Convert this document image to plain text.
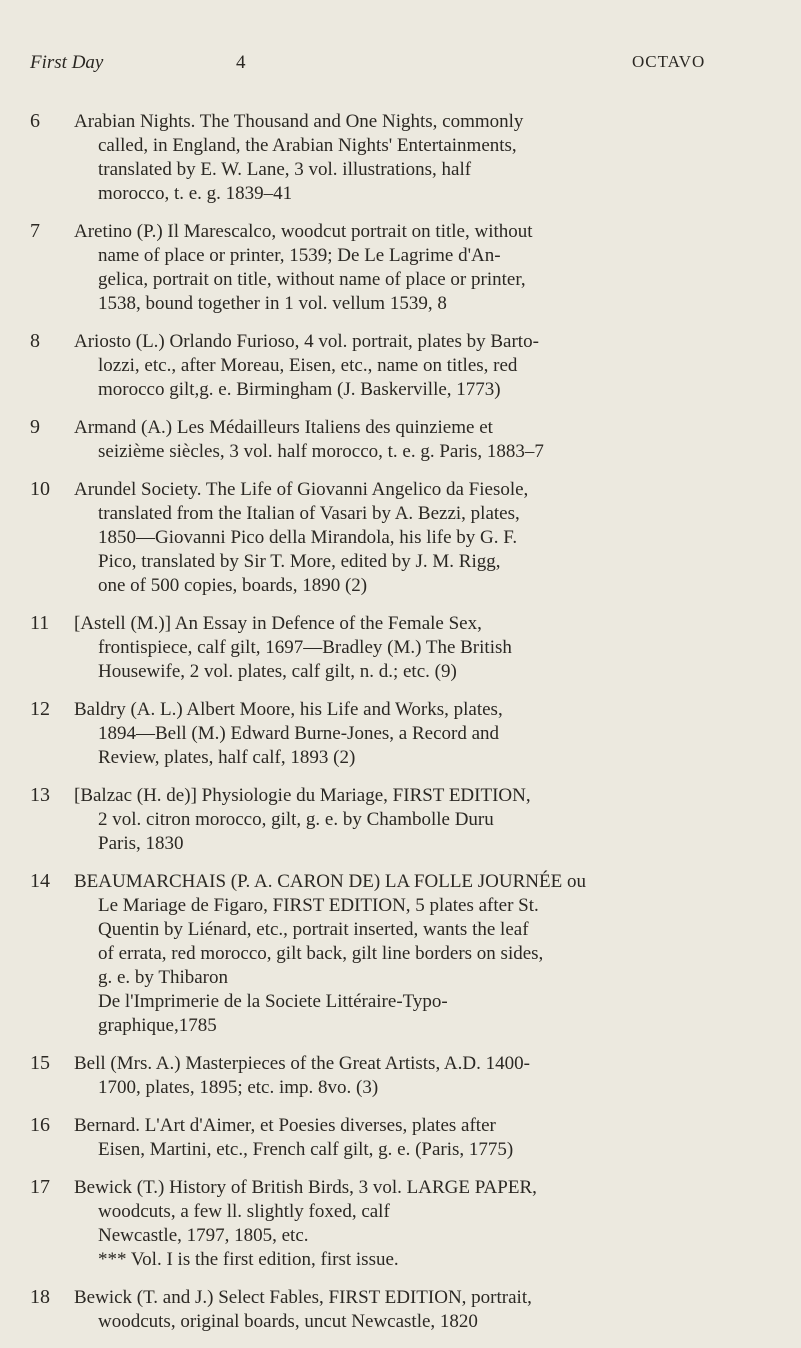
First Day	4	OCTAVO
6	Arabian Nights. The Thousand and One Nights, commonly
called, in England, the Arabian Nights' Entertainments,
translated by E. W. Lane, 3 vol. illustrations, half
morocco, t. e. g. 1839–41
7	Aretino (P.) Il Marescalco, woodcut portrait on title, without
name of place or printer, 1539; De Le Lagrime d'An-
gelica, portrait on title, without name of place or printer,
1538, bound together in 1 vol. vellum 1539, 8
8	Ariosto (L.) Orlando Furioso, 4 vol. portrait, plates by Barto-
lozzi, etc., after Moreau, Eisen, etc., name on titles, red
morocco gilt,g. e. Birmingham (J. Baskerville, 1773)
9	Armand (A.) Les Médailleurs Italiens des quinzieme et
seizième siècles, 3 vol. half morocco, t. e. g. Paris, 1883–7
10	Arundel Society. The Life of Giovanni Angelico da Fiesole,
translated from the Italian of Vasari by A. Bezzi, plates,
1850—Giovanni Pico della Mirandola, his life by G. F.
Pico, translated by Sir T. More, edited by J. M. Rigg,
one of 500 copies, boards, 1890 (2)
11	[Astell (M.)] An Essay in Defence of the Female Sex,
frontispiece, calf gilt, 1697—Bradley (M.) The British
Housewife, 2 vol. plates, calf gilt, n. d.; etc. (9)
12	Baldry (A. L.) Albert Moore, his Life and Works, plates,
1894—Bell (M.) Edward Burne-Jones, a Record and
Review, plates, half calf, 1893 (2)
13	[Balzac (H. de)] Physiologie du Mariage, FIRST EDITION,
2 vol. citron morocco, gilt, g. e. by Chambolle Duru
Paris, 1830
14	BEAUMARCHAIS (P. A. CARON DE) LA FOLLE JOURNÉE ou
Le Mariage de Figaro, FIRST EDITION, 5 plates after St.
Quentin by Liénard, etc., portrait inserted, wants the leaf
of errata, red morocco, gilt back, gilt line borders on sides,
g. e. by Thibaron
De l'Imprimerie de la Societe Littéraire-Typo-
graphique,1785
15	Bell (Mrs. A.) Masterpieces of the Great Artists, A.D. 1400-
1700, plates, 1895; etc. imp. 8vo. (3)
16	Bernard. L'Art d'Aimer, et Poesies diverses, plates after
Eisen, Martini, etc., French calf gilt, g. e. (Paris, 1775)
17	Bewick (T.) History of British Birds, 3 vol. LARGE PAPER,
woodcuts, a few ll. slightly foxed, calf
Newcastle, 1797, 1805, etc.
*** Vol. I is the first edition, first issue.
18	Bewick (T. and J.) Select Fables, FIRST EDITION, portrait,
woodcuts, original boards, uncut Newcastle, 1820
